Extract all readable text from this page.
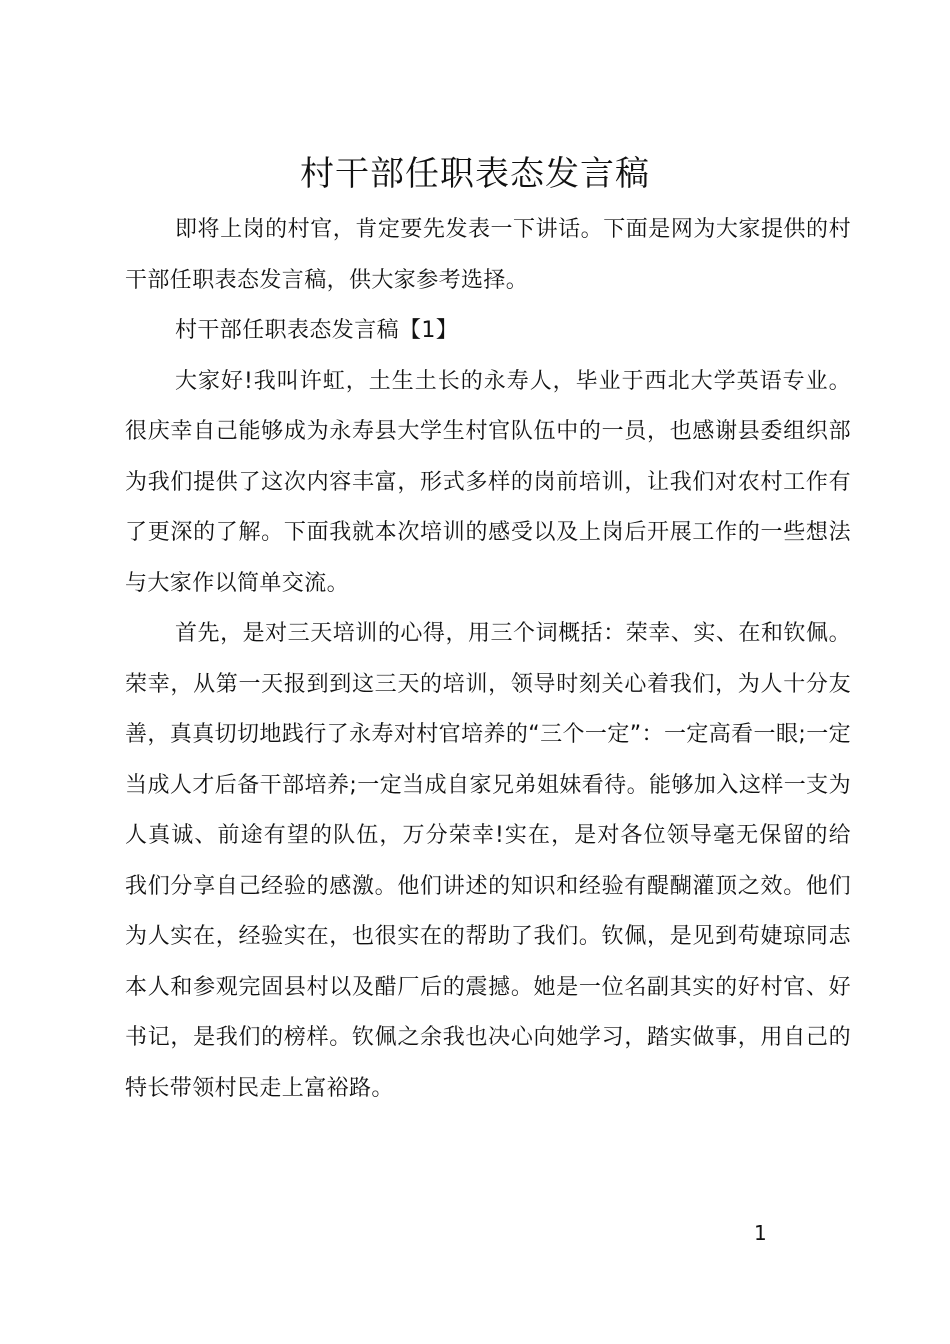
村干部任职表态发言稿

即将上岗的村官，肯定要先发表一下讲话。下面是网为大家提供的村干部任职表态发言稿，供大家参考选择。

村干部任职表态发言稿【1】

大家好!我叫许虹，土生土长的永寿人，毕业于西北大学英语专业。很庆幸自己能够成为永寿县大学生村官队伍中的一员，也感谢县委组织部为我们提供了这次内容丰富，形式多样的岗前培训，让我们对农村工作有了更深的了解。下面我就本次培训的感受以及上岗后开展工作的一些想法与大家作以简单交流。

首先，是对三天培训的心得，用三个词概括：荣幸、实、在和钦佩。荣幸，从第一天报到到这三天的培训，领导时刻关心着我们，为人十分友善，真真切切地践行了永寿对村官培养的“三个一定”：一定高看一眼;一定当成人才后备干部培养;一定当成自家兄弟姐妹看待。能够加入这样一支为人真诚、前途有望的队伍，万分荣幸!实在，是对各位领导毫无保留的给我们分享自己经验的感激。他们讲述的知识和经验有醍醐灌顶之效。他们为人实在，经验实在，也很实在的帮助了我们。钦佩，是见到苟婕琼同志本人和参观完固县村以及醋厂后的震撼。她是一位名副其实的好村官、好书记，是我们的榜样。钦佩之余我也决心向她学习，踏实做事，用自己的特长带领村民走上富裕路。

1
